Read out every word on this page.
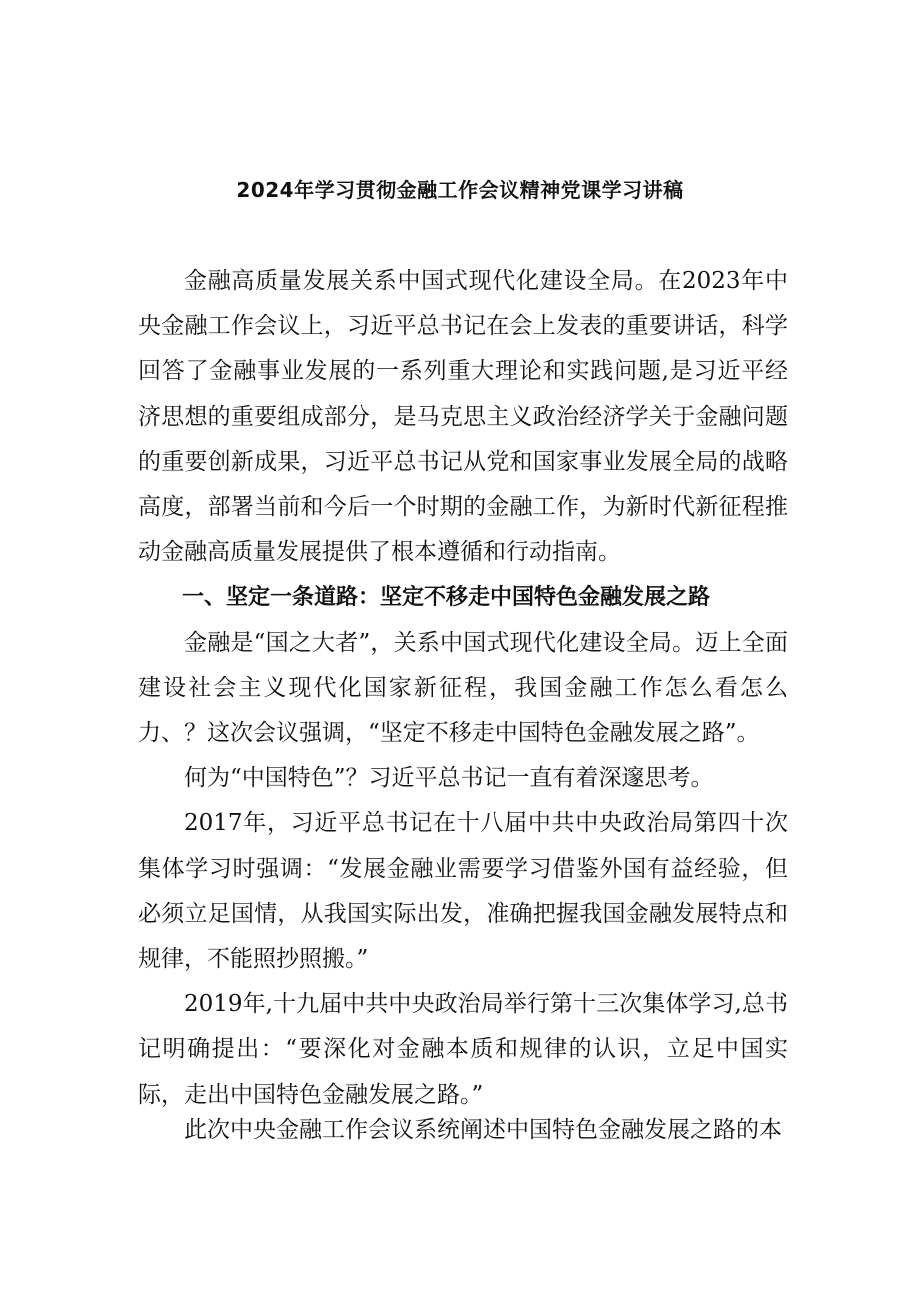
2024年学习贯彻金融工作会议精神党课学习讲稿

金融高质量发展关系中国式现代化建设全局。在2023年中央金融工作会议上，习近平总书记在会上发表的重要讲话，科学回答了金融事业发展的一系列重大理论和实践问题,是习近平经济思想的重要组成部分，是马克思主义政治经济学关于金融问题的重要创新成果，习近平总书记从党和国家事业发展全局的战略高度，部署当前和今后一个时期的金融工作，为新时代新征程推动金融高质量发展提供了根本遵循和行动指南。

一、坚定一条道路：坚定不移走中国特色金融发展之路

金融是“国之大者”，关系中国式现代化建设全局。迈上全面建设社会主义现代化国家新征程，我国金融工作怎么看怎么力、？这次会议强调，“坚定不移走中国特色金融发展之路”。

何为“中国特色”？习近平总书记一直有着深邃思考。

2017年，习近平总书记在十八届中共中央政治局第四十次集体学习时强调：“发展金融业需要学习借鉴外国有益经验，但必须立足国情，从我国实际出发，准确把握我国金融发展特点和规律，不能照抄照搬。”

2019年,十九届中共中央政治局举行第十三次集体学习,总书记明确提出：“要深化对金融本质和规律的认识，立足中国实际，走出中国特色金融发展之路。”

此次中央金融工作会议系统阐述中国特色金融发展之路的本
